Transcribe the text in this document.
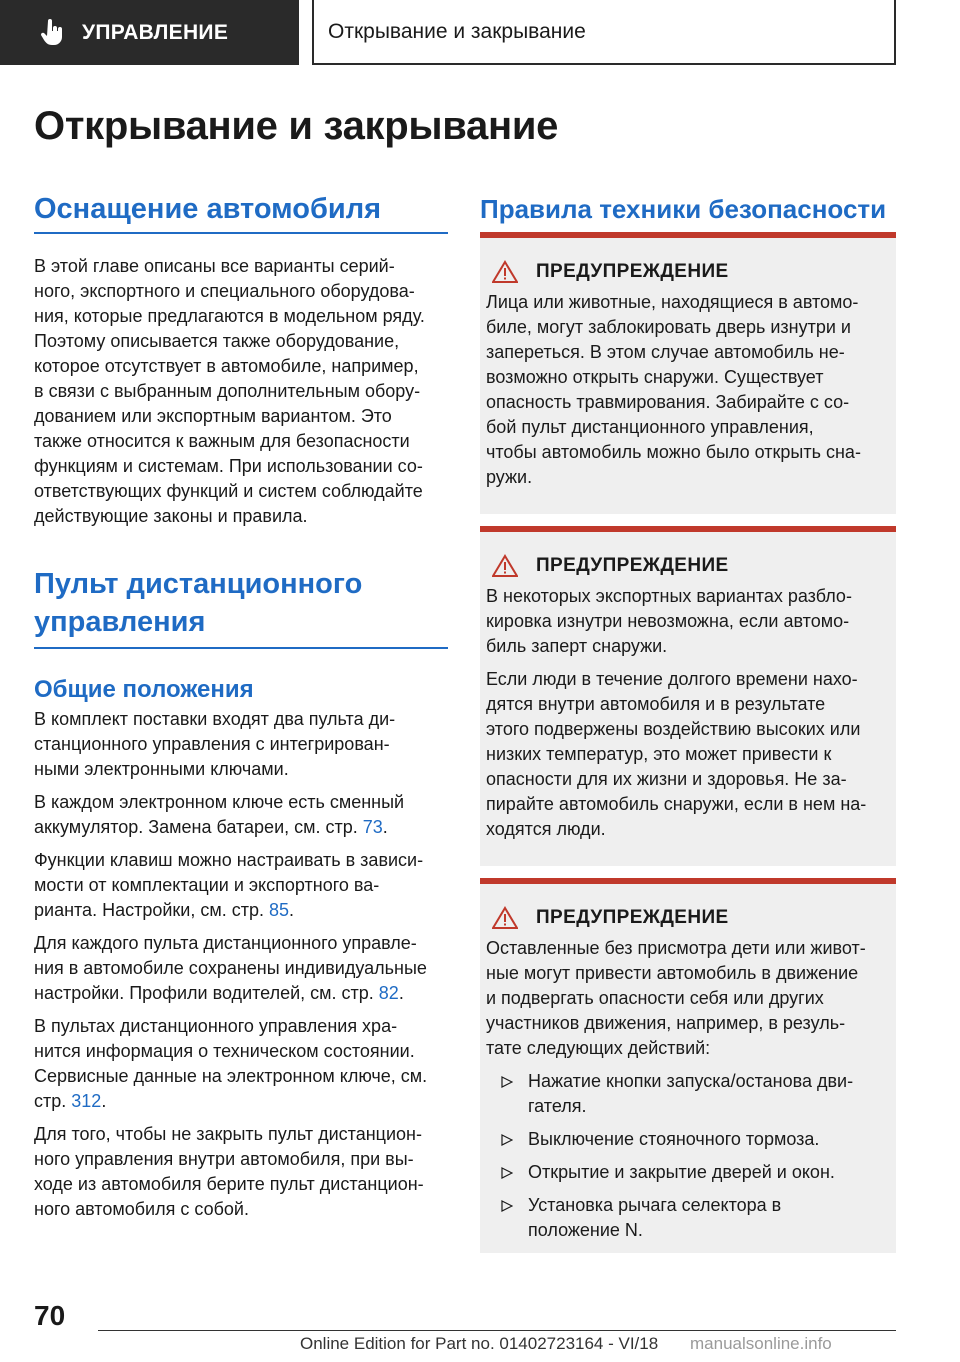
УПРАВЛЕНИЕ	Открывание и закрывание
Открывание и закрывание
Оснащение автомобиля

В этой главе описаны все варианты серий-
ного, экспортного и специального оборудова-
ния, которые предлагаются в модельном ряду.
Поэтому описывается также оборудование,
которое отсутствует в автомобиле, например,
в связи с выбранным дополнительным обору-
дованием или экспортным вариантом. Это
также относится к важным для безопасности
функциям и системам. При использовании со-
ответствующих функций и систем соблюдайте
действующие законы и правила.

Пульт дистанционного
управления
Общие положения

В комплект поставки входят два пульта ди-
станционного управления с интегрирован-
ными электронными ключами.

В каждом электронном ключе есть сменный
аккумулятор. Замена батареи, см. стр. 73.

Функции клавиш можно настраивать в зависи-
мости от комплектации и экспортного ва-
рианта. Настройки, см. стр. 85.

Для каждого пульта дистанционного управле-
ния в автомобиле сохранены индивидуальные
настройки. Профили водителей, см. стр. 82.

В пультах дистанционного управления хра-
нится информация о техническом состоянии.
Сервисные данные на электронном ключе, см.
стр. 312.

Для того, чтобы не закрыть пульт дистанцион-
ного управления внутри автомобиля, при вы-
ходе из автомобиля берите пульт дистанцион-
ного автомобиля с собой.

Правила техники безопасности
ПРЕДУПРЕЖДЕНИЕ

Лица или животные, находящиеся в автомо-
биле, могут заблокировать дверь изнутри и
запереться. В этом случае автомобиль не-
возможно открыть снаружи. Существует
опасность травмирования. Забирайте с со-
бой пульт дистанционного управления,
чтобы автомобиль можно было открыть сна-
ружи.

ПРЕДУПРЕЖДЕНИЕ

В некоторых экспортных вариантах разбло-
кировка изнутри невозможна, если автомо-
биль заперт снаружи.

Если люди в течение долгого времени нахо-
дятся внутри автомобиля и в результате
этого подвержены воздействию высоких или
низких температур, это может привести к
опасности для их жизни и здоровья. Не за-
пирайте автомобиль снаружи, если в нем на-
ходятся люди.

ПРЕДУПРЕЖДЕНИЕ

Оставленные без присмотра дети или живот-
ные могут привести автомобиль в движение
и подвергать опасности себя или других
участников движения, например, в резуль-
тате следующих действий:

Нажатие кнопки запуска/останова дви-
гателя.
Выключение стояночного тормоза.
Открытие и закрытие дверей и окон.
Установка рычага селектора в
положение N.
70
Online Edition for Part no. 01402723164 - VI/18 manualsonline.info
